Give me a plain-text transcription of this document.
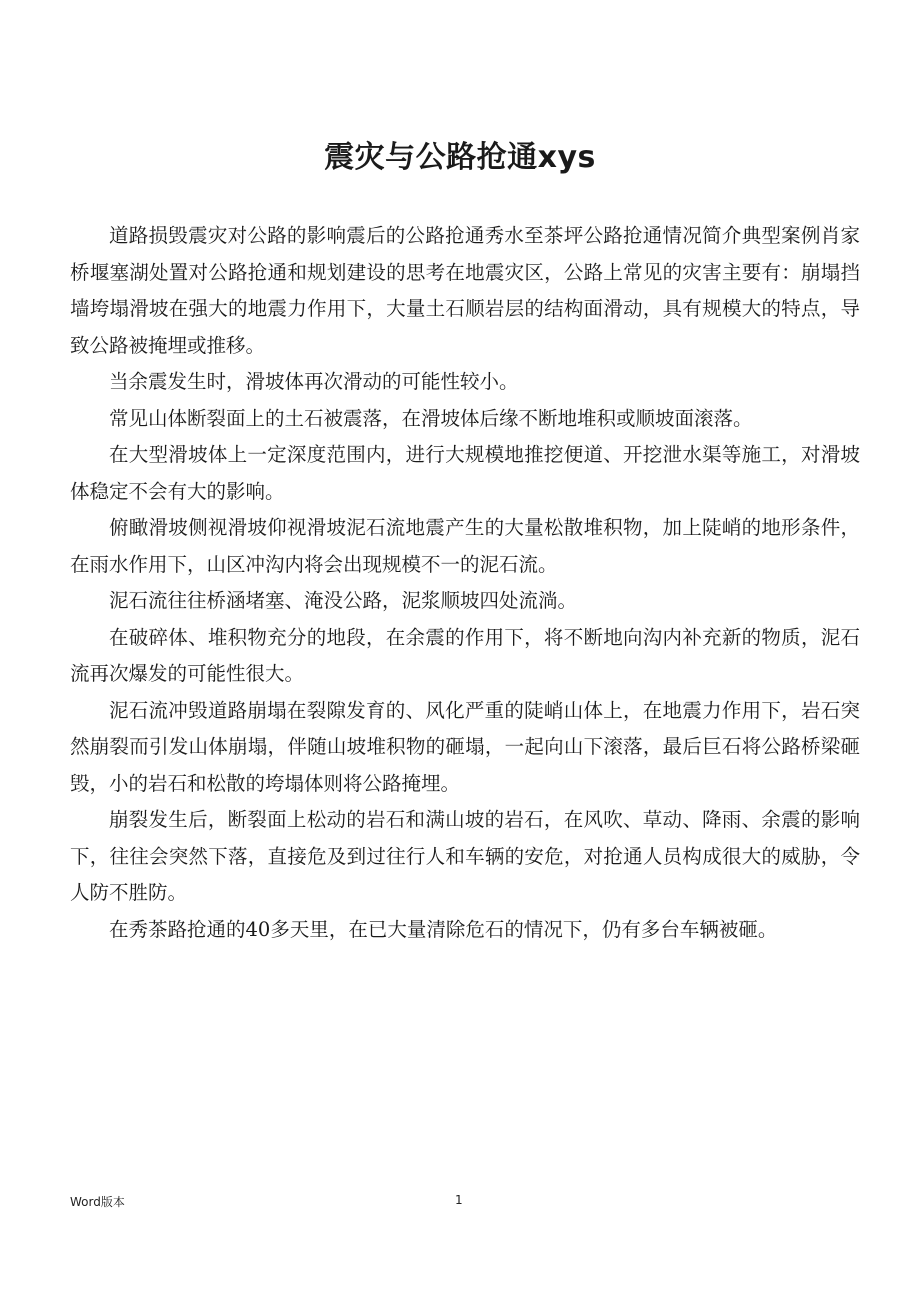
震灾与公路抢通xys

道路损毁震灾对公路的影响震后的公路抢通秀水至茶坪公路抢通情况简介典型案例肖家桥堰塞湖处置对公路抢通和规划建设的思考在地震灾区，公路上常见的灾害主要有：崩塌挡墙垮塌滑坡在强大的地震力作用下，大量土石顺岩层的结构面滑动，具有规模大的特点，导致公路被掩埋或推移。

当余震发生时，滑坡体再次滑动的可能性较小。

常见山体断裂面上的土石被震落，在滑坡体后缘不断地堆积或顺坡面滚落。

在大型滑坡体上一定深度范围内，进行大规模地推挖便道、开挖泄水渠等施工，对滑坡体稳定不会有大的影响。

俯瞰滑坡侧视滑坡仰视滑坡泥石流地震产生的大量松散堆积物，加上陡峭的地形条件，在雨水作用下，山区冲沟内将会出现规模不一的泥石流。

泥石流往往桥涵堵塞、淹没公路，泥浆顺坡四处流淌。

在破碎体、堆积物充分的地段，在余震的作用下，将不断地向沟内补充新的物质，泥石流再次爆发的可能性很大。

泥石流冲毁道路崩塌在裂隙发育的、风化严重的陡峭山体上，在地震力作用下，岩石突然崩裂而引发山体崩塌，伴随山坡堆积物的砸塌，一起向山下滚落，最后巨石将公路桥梁砸毁，小的岩石和松散的垮塌体则将公路掩埋。

崩裂发生后，断裂面上松动的岩石和满山坡的岩石，在风吹、草动、降雨、余震的影响下，往往会突然下落，直接危及到过往行人和车辆的安危，对抢通人员构成很大的威胁，令人防不胜防。

在秀茶路抢通的40多天里，在已大量清除危石的情况下，仍有多台车辆被砸。

Word版本	1
